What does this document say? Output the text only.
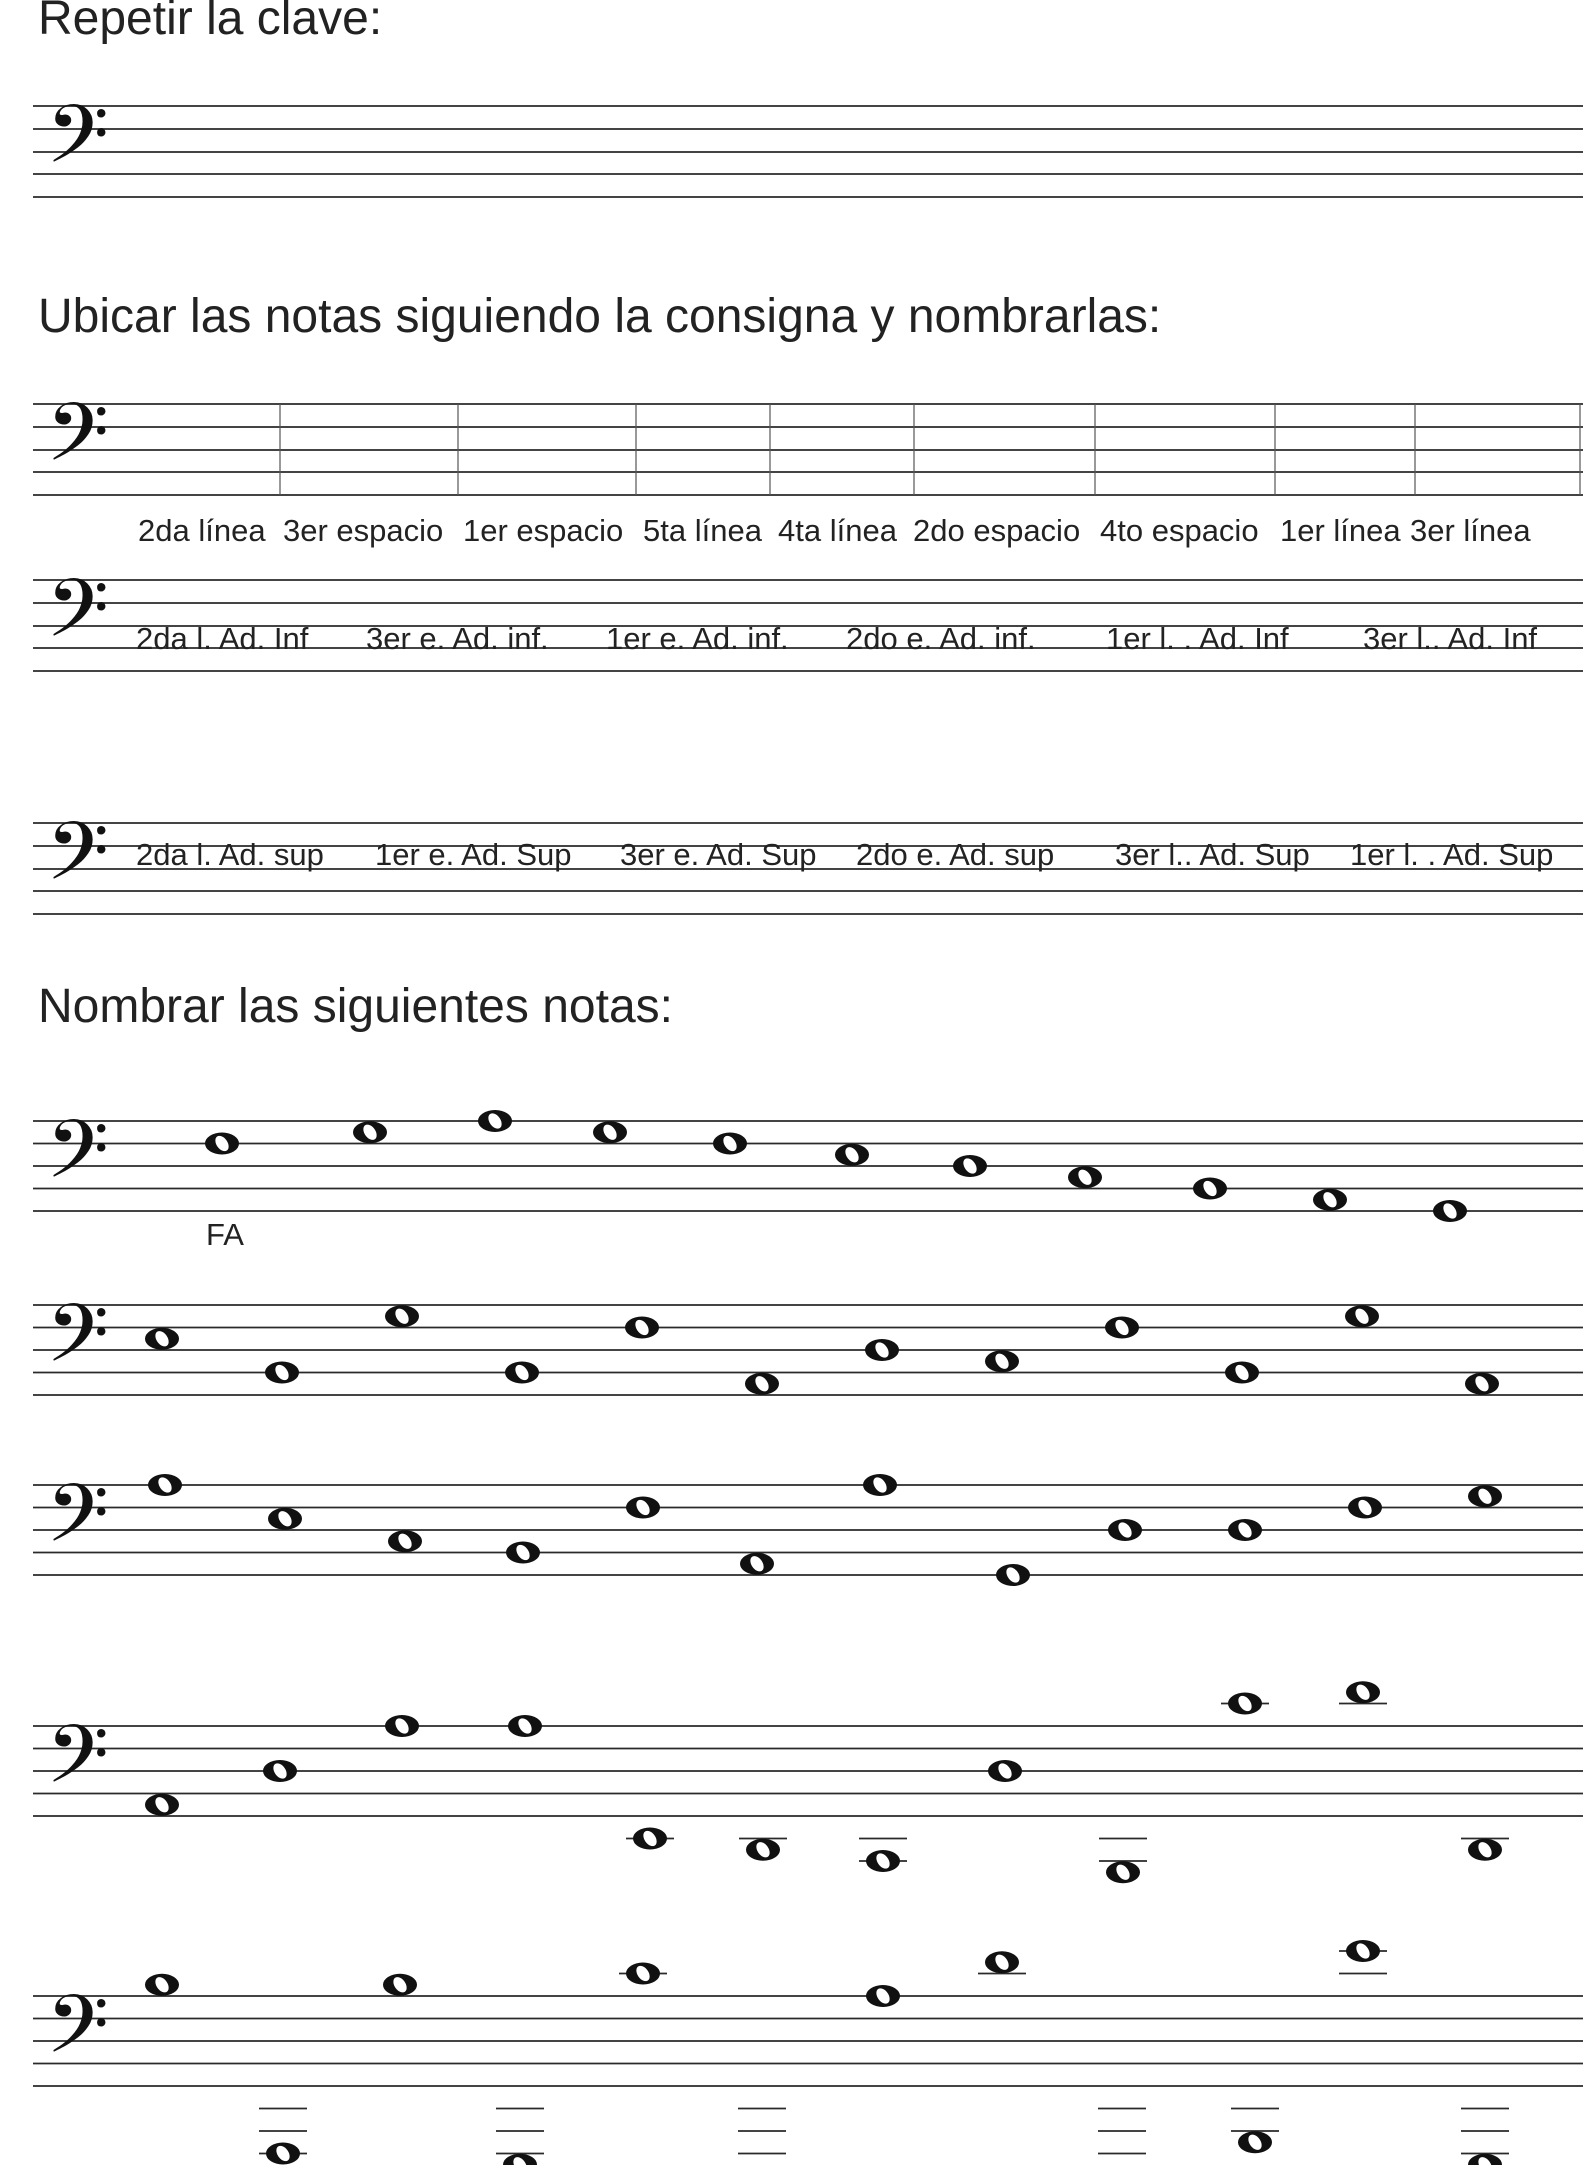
Repetir la clave:
Ubicar las notas siguiendo la consigna y nombrarlas:
Nombrar las siguientes notas:
𝄢
𝄢
2da línea 3er espacio 1er espacio 5ta línea 4ta línea 2do espacio 4to espacio 1er línea 3er línea
𝄢 2da l. Ad. Inf 3er e. Ad. inf. 1er e. Ad. inf. 2do e. Ad. inf. 1er l. . Ad. Inf 3er l.. Ad. Inf
𝄢 2da l. Ad. sup 1er e. Ad. Sup 3er e. Ad. Sup 2do e. Ad. sup 3er l.. Ad. Sup 1er l. . Ad. Sup
𝄢
𝄢
𝄢
𝄢
𝄢
FA
